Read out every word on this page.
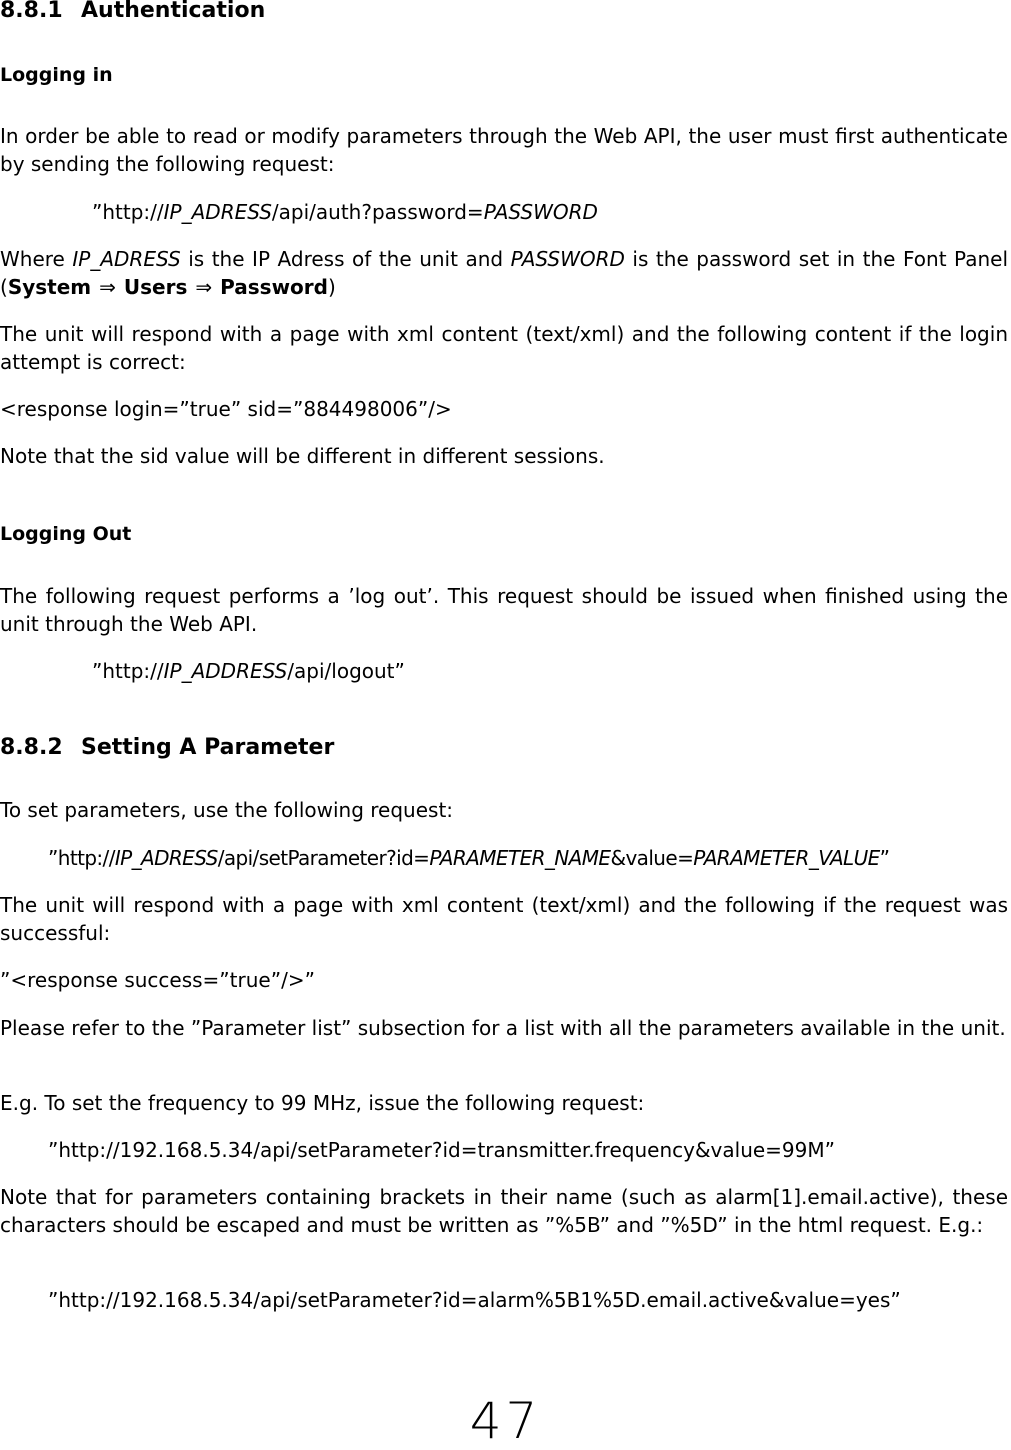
8.8.1 Authentication
Logging in

In order be able to read or modify parameters through the Web API, the user must first authenticate by sending the following request:

”http://IP_ADRESS/api/auth?password=PASSWORD

Where IP_ADRESS is the IP Adress of the unit and PASSWORD is the password set in the Font Panel (System ⇒ Users ⇒ Password)

The unit will respond with a page with xml content (text/xml) and the following content if the login attempt is correct:

<response login=”true” sid=”884498006”/>

Note that the sid value will be different in different sessions.

Logging Out

The following request performs a ’log out’. This request should be issued when finished using the unit through the Web API.

”http://IP_ADDRESS/api/logout”

8.8.2 Setting A Parameter

To set parameters, use the following request:

”http://IP_ADRESS/api/setParameter?id=PARAMETER_NAME&value=PARAMETER_VALUE”

The unit will respond with a page with xml content (text/xml) and the following if the request was successful:

”<response success=”true”/>”

Please refer to the ”Parameter list” subsection for a list with all the parameters available in the unit.

E.g. To set the frequency to 99 MHz, issue the following request:

”http://192.168.5.34/api/setParameter?id=transmitter.frequency&value=99M”

Note that for parameters containing brackets in their name (such as alarm[1].email.active), these characters should be escaped and must be written as ”%5B” and ”%5D” in the html request. E.g.:

”http://192.168.5.34/api/setParameter?id=alarm%5B1%5D.email.active&value=yes”

47
